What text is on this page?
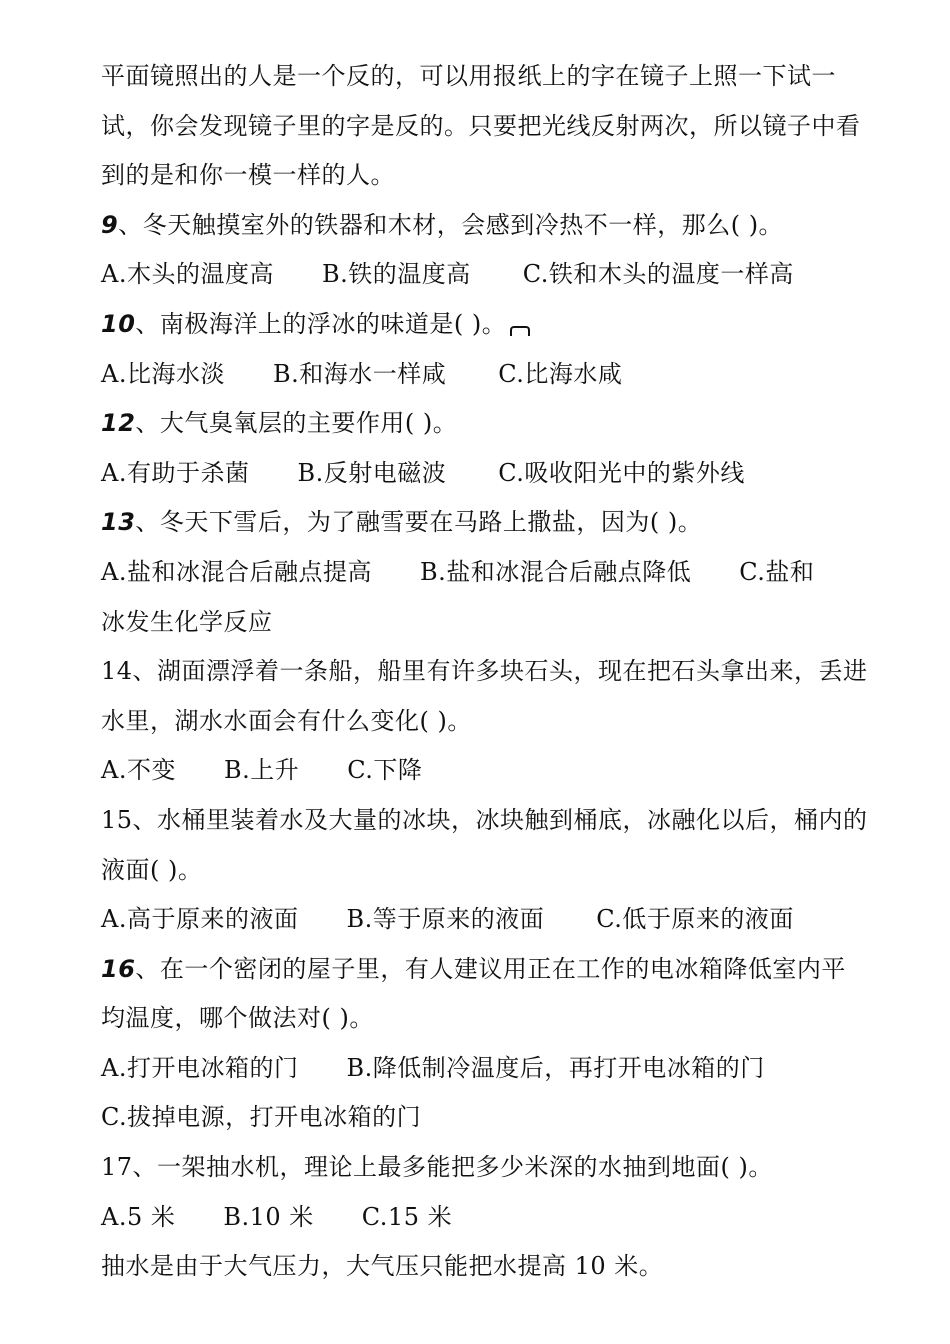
平面镜照出的人是一个反的，可以用报纸上的字在镜子上照一下试一
试，你会发现镜子里的字是反的。只要把光线反射两次，所以镜子中看
到的是和你一模一样的人。
9、冬天触摸室外的铁器和木材，会感到冷热不一样，那么( )。
A.木头的温度高 B.铁的温度高 C.铁和木头的温度一样高
10、南极海洋上的浮冰的味道是( )。
A.比海水淡 B.和海水一样咸 C.比海水咸
12、大气臭氧层的主要作用( )。
A.有助于杀菌 B.反射电磁波 C.吸收阳光中的紫外线
13、冬天下雪后，为了融雪要在马路上撒盐，因为( )。
A.盐和冰混合后融点提高 B.盐和冰混合后融点降低 C.盐和
冰发生化学反应
14、湖面漂浮着一条船，船里有许多块石头，现在把石头拿出来，丢进
水里，湖水水面会有什么变化( )。
A.不变 B.上升 C.下降
15、水桶里装着水及大量的冰块，冰块触到桶底，冰融化以后，桶内的
液面( )。
A.高于原来的液面 B.等于原来的液面 C.低于原来的液面
16、在一个密闭的屋子里，有人建议用正在工作的电冰箱降低室内平
均温度，哪个做法对( )。
A.打开电冰箱的门 B.降低制冷温度后，再打开电冰箱的门
C.拔掉电源，打开电冰箱的门
17、一架抽水机，理论上最多能把多少米深的水抽到地面( )。
A.5 米 B.10 米 C.15 米
抽水是由于大气压力，大气压只能把水提高 10 米。
